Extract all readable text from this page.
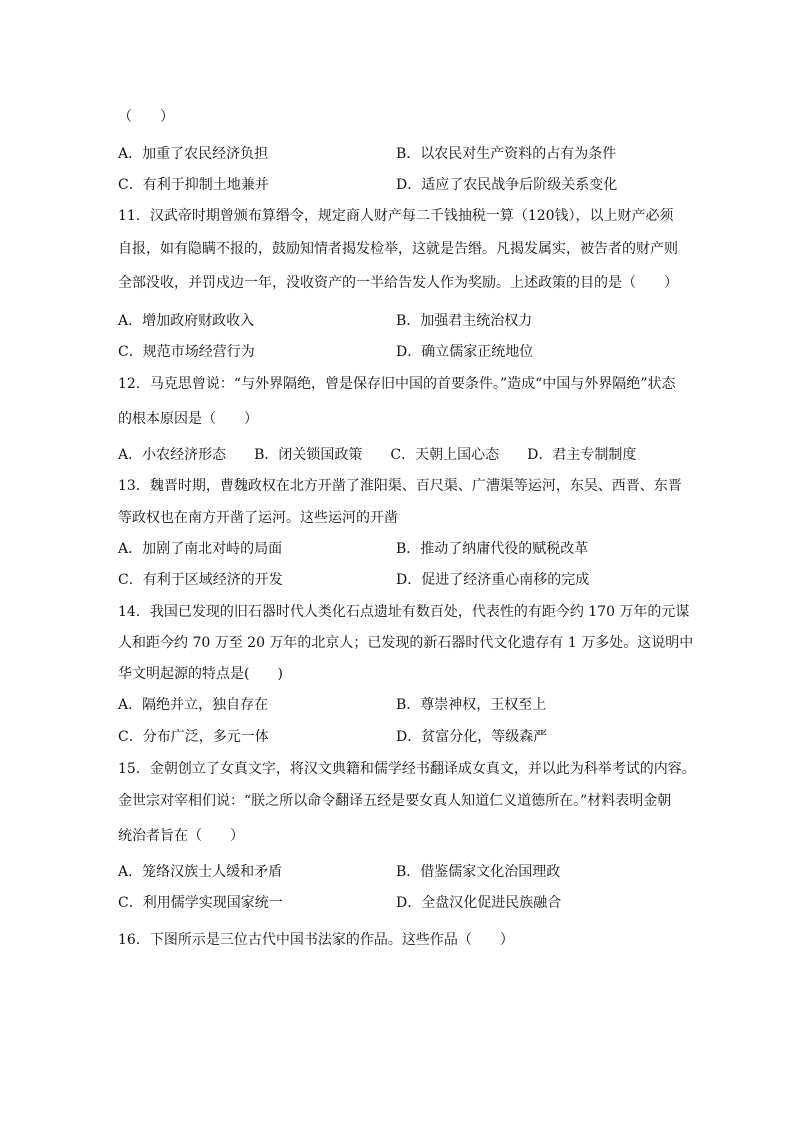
（　　）
A．加重了农民经济负担	B．以农民对生产资料的占有为条件
C．有利于抑制土地兼并	D．适应了农民战争后阶级关系变化
11．汉武帝时期曾颁布算缗令，规定商人财产每二千钱抽税一算（120钱），以上财产必须
自报，如有隐瞒不报的，鼓励知情者揭发检举，这就是告缗。凡揭发属实，被告者的财产则
全部没收，并罚戍边一年，没收资产的一半给告发人作为奖励。上述政策的目的是（　　）
A．增加政府财政收入	B．加强君主统治权力
C．规范市场经营行为	D．确立儒家正统地位
12．马克思曾说：“与外界隔绝，曾是保存旧中国的首要条件。”造成“中国与外界隔绝”状态
的根本原因是（　　）
A．小农经济形态　　B．闭关锁国政策　　C．天朝上国心态　　D．君主专制制度
13．魏晋时期，曹魏政权在北方开凿了淮阳渠、百尺渠、广漕渠等运河，东吴、西晋、东晋
等政权也在南方开凿了运河。这些运河的开凿
A．加剧了南北对峙的局面	B．推动了纳庸代役的赋税改革
C．有利于区域经济的开发	D．促进了经济重心南移的完成
14．我国已发现的旧石器时代人类化石点遗址有数百处，代表性的有距今约 170 万年的元谋
人和距今约 70 万至 20 万年的北京人；已发现的新石器时代文化遗存有 1 万多处。这说明中
华文明起源的特点是(　　)
A．隔绝并立，独自存在	B．尊崇神权，王权至上
C．分布广泛，多元一体	D．贫富分化，等级森严
15．金朝创立了女真文字，将汉文典籍和儒学经书翻译成女真文，并以此为科举考试的内容。
金世宗对宰相们说：“朕之所以命令翻译五经是要女真人知道仁义道德所在。”材料表明金朝
统治者旨在（　　）
A．笼络汉族士人缓和矛盾	B．借鉴儒家文化治国理政
C．利用儒学实现国家统一	D．全盘汉化促进民族融合
16．下图所示是三位古代中国书法家的作品。这些作品（　　）
